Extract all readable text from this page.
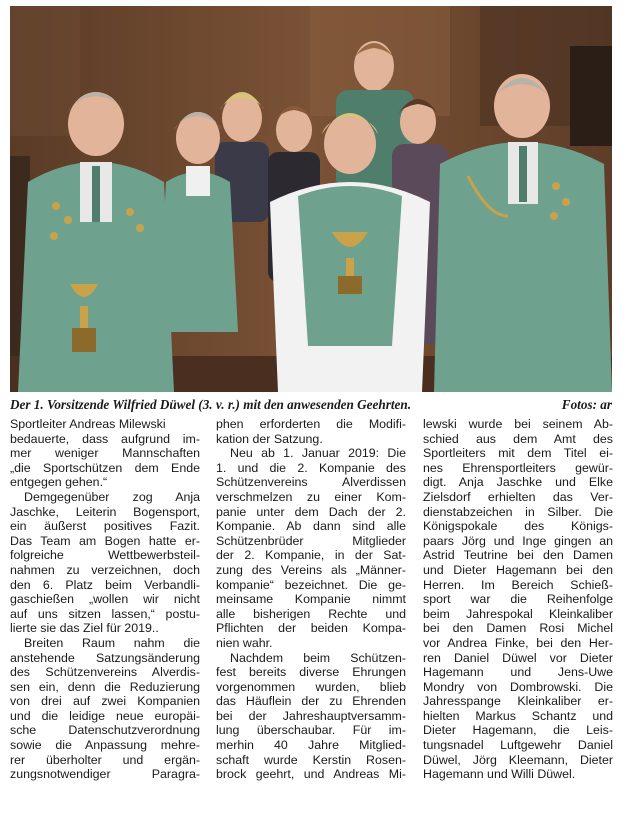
Der 1. Vorsitzende Wilfried Düwel (3. v. r.) mit den anwesenden Geehrten.	Fotos: ar
Sportleiter Andreas Milewski
bedauerte, dass aufgrund im-
mer weniger Mannschaften
„die Sportschützen dem Ende
entgegen gehen.“
Demgegenüber zog Anja
Jaschke, Leiterin Bogensport,
ein äußerst positives Fazit.
Das Team am Bogen hatte er-
folgreiche Wettbewerbsteil-
nahmen zu verzeichnen, doch
den 6. Platz beim Verbandli-
gaschießen „wollen wir nicht
auf uns sitzen lassen,“ postu-
lierte sie das Ziel für 2019..
Breiten Raum nahm die
anstehende Satzungsänderung
des Schützenvereins Alverdis-
sen ein, denn die Reduzierung
von drei auf zwei Kompanien
und die leidige neue europäi-
sche Datenschutzverordnung
sowie die Anpassung mehre-
rer überholter und ergän-
zungsnotwendiger Paragra-
phen erforderten die Modifi-
kation der Satzung.
Neu ab 1. Januar 2019: Die
1. und die 2. Kompanie des
Schützenvereins Alverdissen
verschmelzen zu einer Kom-
panie unter dem Dach der 2.
Kompanie. Ab dann sind alle
Schützenbrüder Mitglieder
der 2. Kompanie, in der Sat-
zung des Vereins als „Männer-
kompanie“ bezeichnet. Die ge-
meinsame Kompanie nimmt
alle bisherigen Rechte und
Pflichten der beiden Kompa-
nien wahr.
Nachdem beim Schützen-
fest bereits diverse Ehrungen
vorgenommen wurden, blieb
das Häuflein der zu Ehrenden
bei der Jahreshauptversamm-
lung überschaubar. Für im-
merhin 40 Jahre Mitglied-
schaft wurde Kerstin Rosen-
brock geehrt, und Andreas Mi-
lewski wurde bei seinem Ab-
schied aus dem Amt des
Sportleiters mit dem Titel ei-
nes Ehrensportleiters gewür-
digt. Anja Jaschke und Elke
Zielsdorf erhielten das Ver-
dienstabzeichen in Silber. Die
Königspokale des Königs-
paars Jörg und Inge gingen an
Astrid Teutrine bei den Damen
und Dieter Hagemann bei den
Herren. Im Bereich Schieß-
sport war die Reihenfolge
beim Jahrespokal Kleinkaliber
bei den Damen Rosi Michel
vor Andrea Finke, bei den Her-
ren Daniel Düwel vor Dieter
Hagemann und Jens-Uwe
Mondry von Dombrowski. Die
Jahresspange Kleinkaliber er-
hielten Markus Schantz und
Dieter Hagemann, die Leis-
tungsnadel Luftgewehr Daniel
Düwel, Jörg Kleemann, Dieter
Hagemann und Willi Düwel.
